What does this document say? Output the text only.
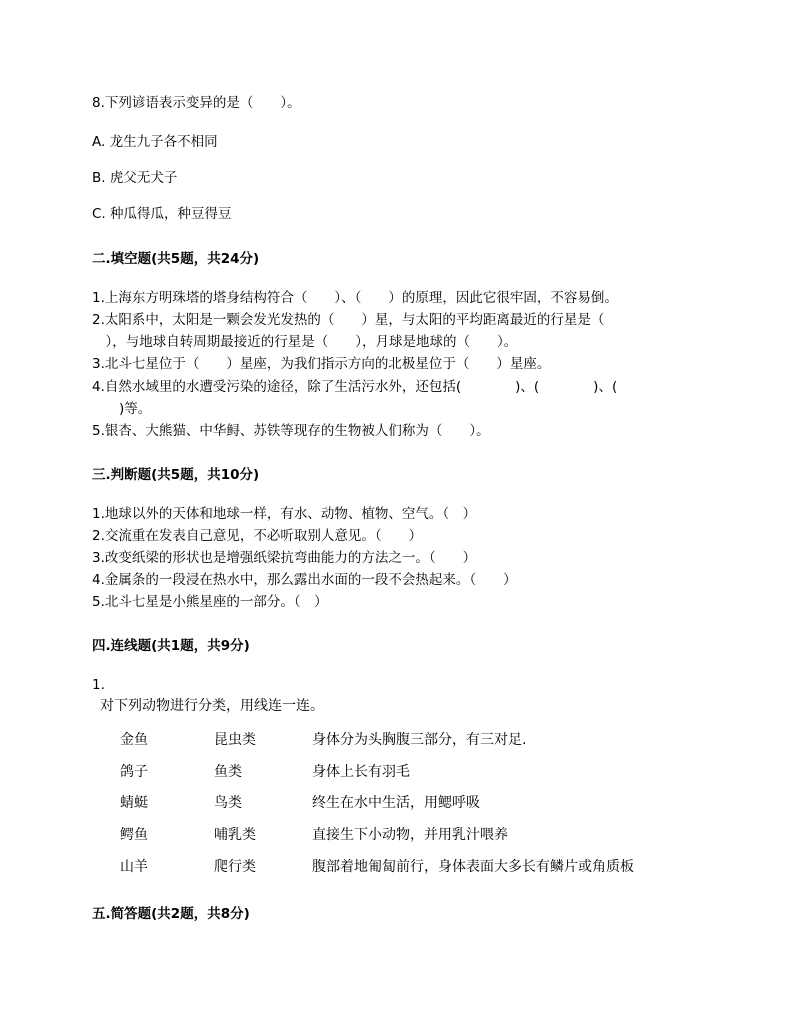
8.下列谚语表示变异的是（　　）。
A. 龙生九子各不相同
B. 虎父无犬子
C. 种瓜得瓜，种豆得豆
二.填空题(共5题，共24分)
1.上海东方明珠塔的塔身结构符合（　　）、（　　）的原理，因此它很牢固，不容易倒。
2.太阳系中，太阳是一颗会发光发热的（　　）星，与太阳的平均距离最近的行星是（
　），与地球自转周期最接近的行星是（　　），月球是地球的（　　）。
3.北斗七星位于（　　）星座，为我们指示方向的北极星位于（　　）星座。
4.自然水域里的水遭受污染的途径，除了生活污水外，还包括(　　　　)、(　　　　)、(
　　)等。
5.银杏、大熊猫、中华鲟、苏铁等现存的生物被人们称为（　　）。
三.判断题(共5题，共10分)
1.地球以外的天体和地球一样，有水、动物、植物、空气。（　）
2.交流重在发表自己意见，不必听取别人意见。（　　）
3.改变纸梁的形状也是增强纸梁抗弯曲能力的方法之一。（　　）
4.金属条的一段浸在热水中，那么露出水面的一段不会热起来。（　　）
5.北斗七星是小熊星座的一部分。（　）
四.连线题(共1题，共9分)
1.
对下列动物进行分类，用线连一连。
金鱼	昆虫类	身体分为头胸腹三部分，有三对足.
鸽子	鱼类	身体上长有羽毛
蜻蜓	鸟类	终生在水中生活，用鳃呼吸
鳄鱼	哺乳类	直接生下小动物，并用乳汁喂养
山羊	爬行类	腹部着地匍匐前行，身体表面大多长有鳞片或角质板
五.简答题(共2题，共8分)
